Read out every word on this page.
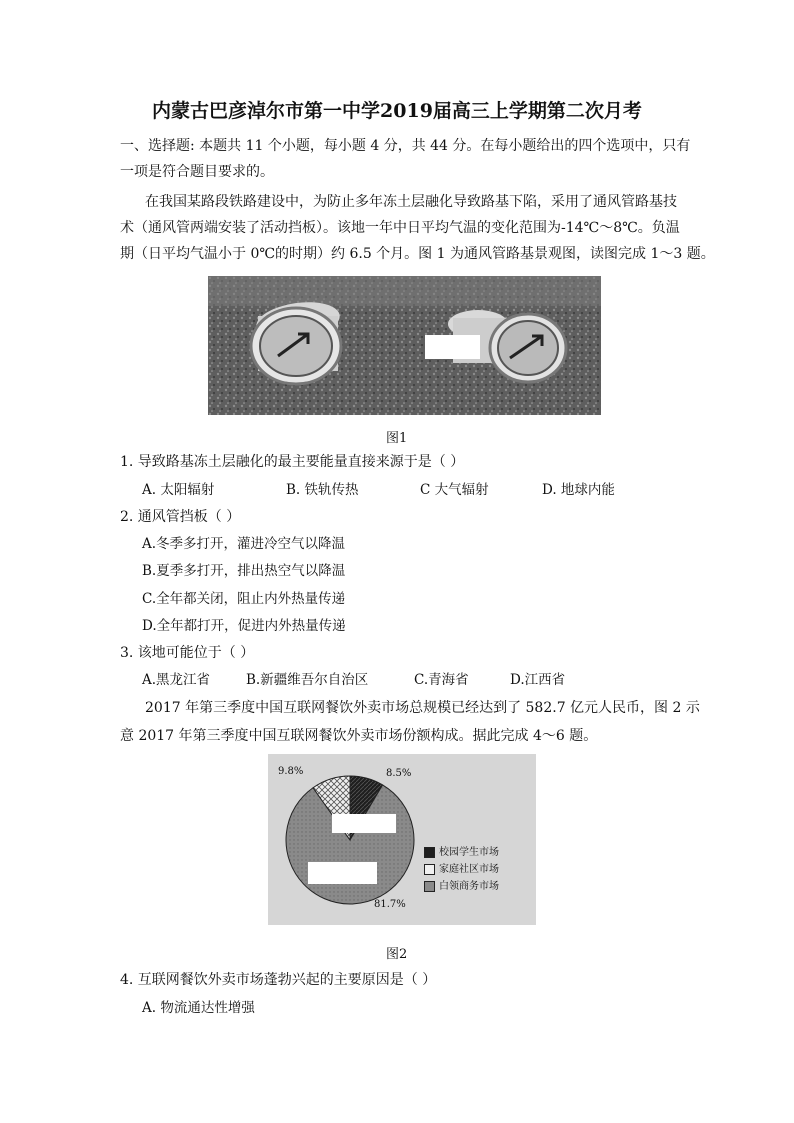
内蒙古巴彦淖尔市第一中学2019届高三上学期第二次月考
一、选择题: 本题共 11 个小题，每小题 4 分，共 44 分。在每小题给出的四个选项中，只有
一项是符合题目要求的。
在我国某路段铁路建设中，为防止多年冻土层融化导致路基下陷，采用了通风管路基技
术（通风管两端安装了活动挡板）。该地一年中日平均气温的变化范围为-14℃～8℃。负温
期（日平均气温小于 0℃的时期）约 6.5 个月。图 1 为通风管路基景观图，读图完成 1～3 题。
图1
1. 导致路基冻土层融化的最主要能量直接来源于是（ ）
A. 太阳辐射	B. 铁轨传热	C 大气辐射	D. 地球内能
2. 通风管挡板（ ）
A.冬季多打开，灌进冷空气以降温
B.夏季多打开，排出热空气以降温
C.全年都关闭，阻止内外热量传递
D.全年都打开，促进内外热量传递
3. 该地可能位于（ ）
A.黑龙江省	B.新疆维吾尔自治区	C.青海省	D.江西省
2017 年第三季度中国互联网餐饮外卖市场总规模已经达到了 582.7 亿元人民币，图 2 示
意 2017 年第三季度中国互联网餐饮外卖市场份额构成。据此完成 4～6 题。
9.8%	8.5%
81.7%
校园学生市场
家庭社区市场
白领商务市场
图2
4. 互联网餐饮外卖市场蓬勃兴起的主要原因是（ ）
A. 物流通达性增强
